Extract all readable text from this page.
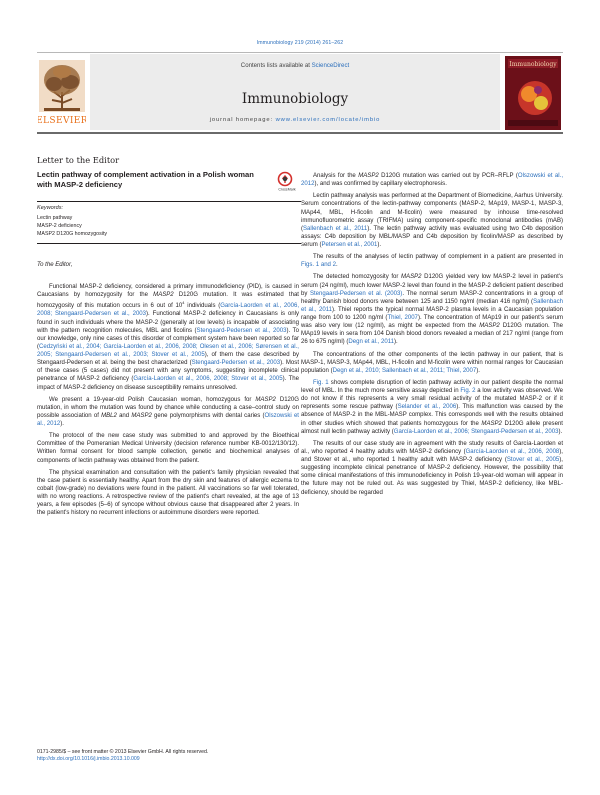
Immunobiology 219 (2014) 261–262
ELSEVIER
Contents lists available at ScienceDirect
Immunobiology
journal homepage: www.elsevier.com/locate/imbio
Immunobiology
Letter to the Editor
Lectin pathway of complement activation in a Polish woman with MASP-2 deficiency
CrossMark
Keywords:
Lectin pathway
MASP-2 deficiency
MASP2 D120G homozygosity
To the Editor,

Functional MASP-2 deficiency, considered a primary immunodeficiency (PID), is caused in Caucasians by homozygosity for the MASP2 D120G mutation. It was estimated that homozygosity of this mutation occurs in 6 out of $10^4$ individuals (García-Laorden et al., 2006, 2008; Stengaard-Pedersen et al., 2003). Functional MASP-2 deficiency in Caucasians is only found in such individuals where the MASP-2 (generally at low levels) is incapable of associating with the pattern recognition molecules, MBL and ficolins (Stengaard-Pedersen et al., 2003). To our knowledge, only nine cases of this disorder of complement system have been reported so far (Cedzyński et al., 2004; García-Laorden et al., 2006, 2008; Olesen et al., 2006; Sørensen et al., 2005; Stengaard-Pedersen et al., 2003; Stover et al., 2005), of them the case described by Stengaard-Pedersen et al. being the best characterized (Stengaard-Pedersen et al., 2003). Most of these cases (5 cases) did not present with any symptoms, suggesting incomplete clinical penetrance of MASP-2 deficiency (García-Laorden et al., 2006, 2008; Stover et al., 2005). The impact of MASP-2 deficiency on disease susceptibility remains unresolved.

We present a 19-year-old Polish Caucasian woman, homozygous for MASP2 D120G mutation, in whom the mutation was found by chance while conducting a case–control study on possible association of MBL2 and MASP2 gene polymorphisms with dental caries (Olszowski et al., 2012).

The protocol of the new case study was submitted to and approved by the Bioethical Committee of the Pomeranian Medical University (decision reference number KB-0012/130/12). Written formal consent for blood sample collection, genetic and biochemical analyses of components of lectin pathway was obtained from the patient.

The physical examination and consultation with the patient's family physician revealed that the case patient is essentially healthy. Apart from the dry skin and features of allergic eczema to cobalt (low-grade) no deviations were found in the patient. All vaccinations so far well tolerated, with no wrong reactions. A retrospective review of the patient's chart revealed, at the age of 13 years, a few episodes (5–6) of syncope without obvious cause that disappeared after 2 years. In the patient's history no recurrent infections or autoimmune disorders were reported.

Analysis for the MASP2 D120G mutation was carried out by PCR–RFLP (Olszowski et al., 2012), and was confirmed by capillary electrophoresis.

Lectin pathway analysis was performed at the Department of Biomedicine, Aarhus University. Serum concentrations of the lectin-pathway components (MASP-2, MAp19, MASP-1, MASP-3, MAp44, MBL, H-ficolin and M-ficolin) were measured by inhouse time-resolved immunofluorometric assay (TRIFMA) using component-specific monoclonal antibodies (mAB) (Sallenbach et al., 2011). The lectin pathway activity was evaluated using two C4b deposition assays: C4b deposition by MBL/MASP and C4b deposition by ficolin/MASP as described by serum (Petersen et al., 2001).

The results of the analyses of lectin pathway of complement in a patient are presented in Figs. 1 and 2.

The detected homozygosity for MASP2 D120G yielded very low MASP-2 level in patient's serum (24 ng/ml), much lower MASP-2 level than found in the MASP-2 deficient patient described by Stengaard-Pedersen et al. (2003). The normal serum MASP-2 concentrations in a group of healthy Danish blood donors were between 125 and 1150 ng/ml (median 416 ng/ml) (Sallenbach et al., 2011). Thiel reports the typical normal MASP-2 plasma levels in a Caucasian population range from 100 to 1200 ng/ml (Thiel, 2007). The concentration of MAp19 in our patient's serum was also very low (12 ng/ml), as might be expected from the MASP2 D120G mutation. The MAp19 levels in sera from 104 Danish blood donors revealed a median of 217 ng/ml (range from 26 to 675 ng/ml) (Degn et al., 2011).

The concentrations of the other components of the lectin pathway in our patient, that is MASP-1, MASP-3, MAp44, MBL, H-ficolin and M-ficolin were within normal ranges for Caucasian population (Degn et al., 2010; Sallenbach et al., 2011; Thiel, 2007).

Fig. 1 shows complete disruption of lectin pathway activity in our patient despite the normal level of MBL. In the much more sensitive assay depicted in Fig. 2 a low activity was observed. We do not know if this represents a very small residual activity of the mutated MASP-2 or if it represents some rescue pathway (Selander et al., 2006). This malfunction was caused by the absence of MASP-2 in the MBL-MASP complex. This corresponds well with the results obtained in other studies which showed that patients homozygous for the MASP2 D120G allele present almost null lectin pathway activity (García-Laorden et al., 2006; Stengaard-Pedersen et al., 2003).

The results of our case study are in agreement with the study results of García-Laorden et al., who reported 4 healthy adults with MASP-2 deficiency (García-Laorden et al., 2006, 2008), and Stover et al., who reported 1 healthy adult with MASP-2 deficiency (Stover et al., 2005), suggesting incomplete clinical penetrance of MASP-2 deficiency. However, the possibility that some clinical manifestations of this immunodeficiency in Polish 19-year-old woman will appear in the future may not be ruled out. As was suggested by Thiel, MASP-2 deficiency, like MBL-deficiency, should be regarded

0171-2985/$ – see front matter © 2013 Elsevier GmbH. All rights reserved.
http://dx.doi.org/10.1016/j.imbio.2013.10.009
